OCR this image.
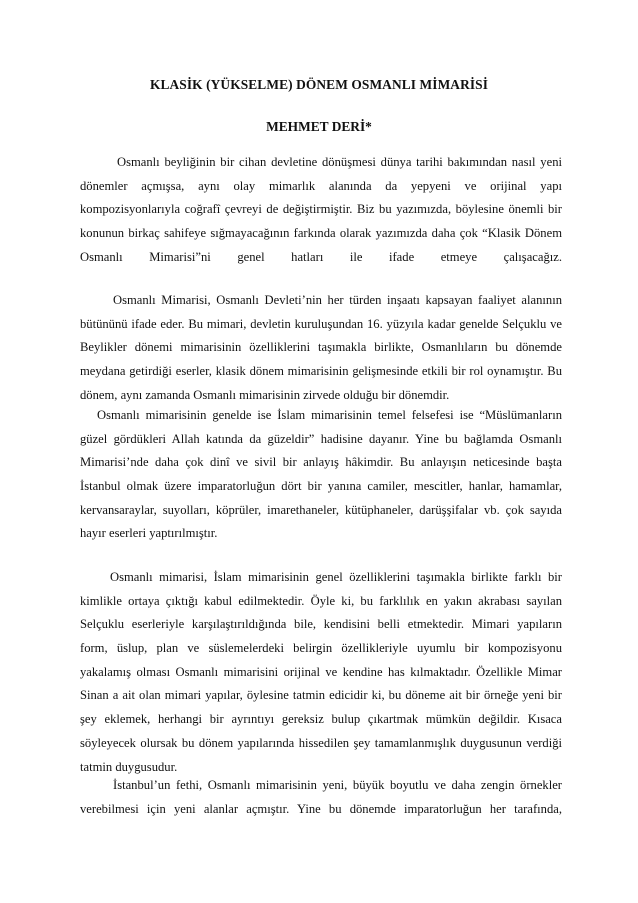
KLASİK (YÜKSELME) DÖNEM OSMANLI MİMARİSİ
MEHMET DERİ*
Osmanlı beyliğinin bir cihan devletine dönüşmesi dünya tarihi bakımından nasıl yeni
dönemler açmışsa, aynı olay mimarlık alanında da yepyeni ve orijinal yapı
kompozisyonlarıyla coğrafî çevreyi de değiştirmiştir. Biz bu yazımızda, böylesine önemli bir
konunun birkaç sahifeye sığmayacağının farkında olarak yazımızda daha çok “Klasik Dönem
Osmanlı Mimarisi”ni genel hatları ile ifade etmeye çalışacağız.
Osmanlı Mimarisi, Osmanlı Devleti’nin her türden inşaatı kapsayan faaliyet alanının
bütününü ifade eder. Bu mimari, devletin kuruluşundan 16. yüzyıla kadar genelde Selçuklu ve
Beylikler dönemi mimarisinin özelliklerini taşımakla birlikte, Osmanlıların bu dönemde
meydana getirdiği eserler, klasik dönem mimarisinin gelişmesinde etkili bir rol oynamıştır. Bu
dönem, aynı zamanda Osmanlı mimarisinin zirvede olduğu bir dönemdir.
Osmanlı mimarisinin genelde ise İslam mimarisinin temel felsefesi ise “Müslümanların
güzel gördükleri Allah katında da güzeldir” hadisine dayanır. Yine bu bağlamda Osmanlı
Mimarisi’nde daha çok dinî ve sivil bir anlayış hâkimdir. Bu anlayışın neticesinde başta
İstanbul olmak üzere imparatorluğun dört bir yanına camiler, mescitler, hanlar, hamamlar,
kervansaraylar, suyolları, köprüler, imarethaneler, kütüphaneler, darüşşifalar vb. çok sayıda
hayır eserleri yaptırılmıştır.
Osmanlı mimarisi, İslam mimarisinin genel özelliklerini taşımakla birlikte farklı bir
kimlikle ortaya çıktığı kabul edilmektedir. Öyle ki, bu farklılık en yakın akrabası sayılan
Selçuklu eserleriyle karşılaştırıldığında bile, kendisini belli etmektedir. Mimari yapıların
form, üslup, plan ve süslemelerdeki belirgin özellikleriyle uyumlu bir kompozisyonu
yakalamış olması Osmanlı mimarisini orijinal ve kendine has kılmaktadır. Özellikle Mimar
Sinan a ait olan mimari yapılar, öylesine tatmin edicidir ki, bu döneme ait bir örneğe yeni bir
şey eklemek, herhangi bir ayrıntıyı gereksiz bulup çıkartmak mümkün değildir. Kısaca
söyleyecek olursak bu dönem yapılarında hissedilen şey tamamlanmışlık duygusunun verdiği
tatmin duygusudur.
İstanbul’un fethi, Osmanlı mimarisinin yeni, büyük boyutlu ve daha zengin örnekler
verebilmesi için yeni alanlar açmıştır. Yine bu dönemde imparatorluğun her tarafında,
